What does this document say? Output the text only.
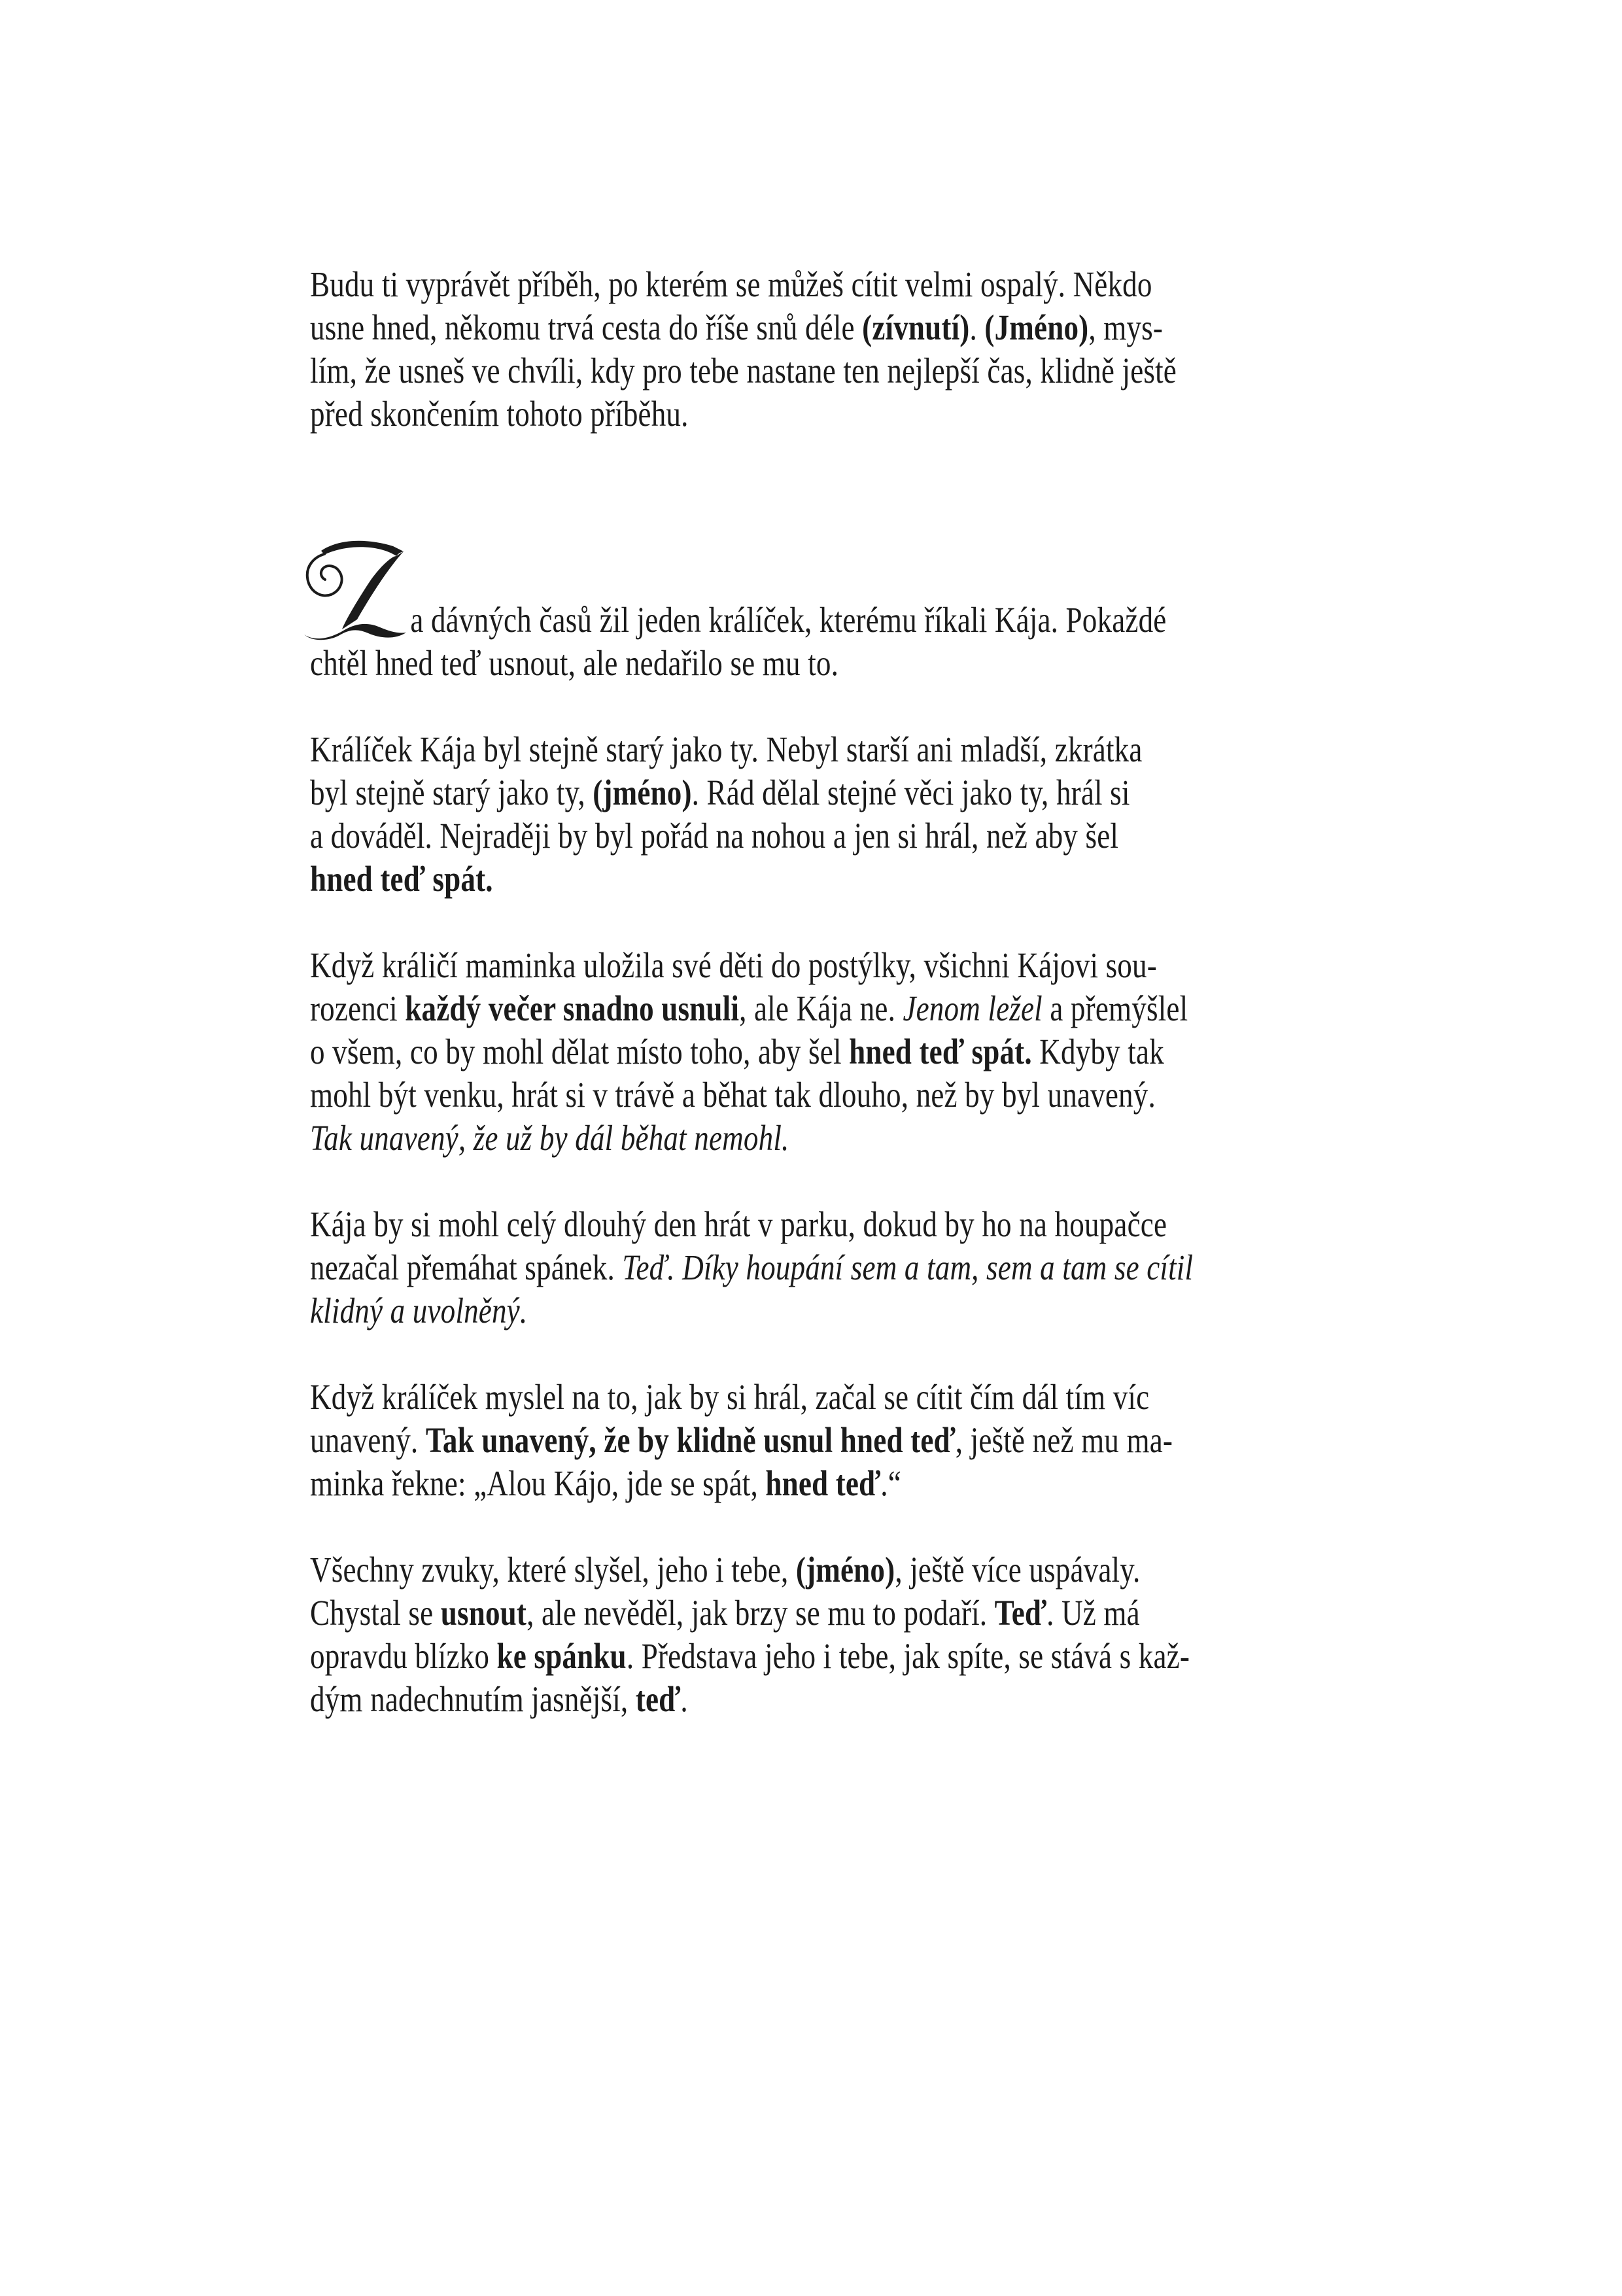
Budu ti vyprávět příběh, po kterém se můžeš cítit velmi ospalý. Někdo
usne hned, někomu trvá cesta do říše snů déle (zívnutí). (Jméno), mys-
lím, že usneš ve chvíli, kdy pro tebe nastane ten nejlepší čas, klidně ještě
před skončením tohoto příběhu.
a dávných časů žil jeden králíček, kterému říkali Kája. Pokaždé
chtěl hned teď usnout, ale nedařilo se mu to.
Králíček Kája byl stejně starý jako ty. Nebyl starší ani mladší, zkrátka
byl stejně starý jako ty, (jméno). Rád dělal stejné věci jako ty, hrál si
a dováděl. Nejraději by byl pořád na nohou a jen si hrál, než aby šel
hned teď spát.
Když králičí maminka uložila své děti do postýlky, všichni Kájovi sou-
rozenci každý večer snadno usnuli, ale Kája ne. Jenom ležel a přemýšlel
o všem, co by mohl dělat místo toho, aby šel hned teď spát. Kdyby tak
mohl být venku, hrát si v trávě a běhat tak dlouho, než by byl unavený.
Tak unavený, že už by dál běhat nemohl.
Kája by si mohl celý dlouhý den hrát v parku, dokud by ho na houpačce
nezačal přemáhat spánek. Teď. Díky houpání sem a tam, sem a tam se cítil
klidný a uvolněný.
Když králíček myslel na to, jak by si hrál, začal se cítit čím dál tím víc
unavený. Tak unavený, že by klidně usnul hned teď, ještě než mu ma-
minka řekne: „Alou Kájo, jde se spát, hned teď.“
Všechny zvuky, které slyšel, jeho i tebe, (jméno), ještě více uspávaly.
Chystal se usnout, ale nevěděl, jak brzy se mu to podaří. Teď. Už má
opravdu blízko ke spánku. Představa jeho i tebe, jak spíte, se stává s kaž-
dým nadechnutím jasnější, teď.
